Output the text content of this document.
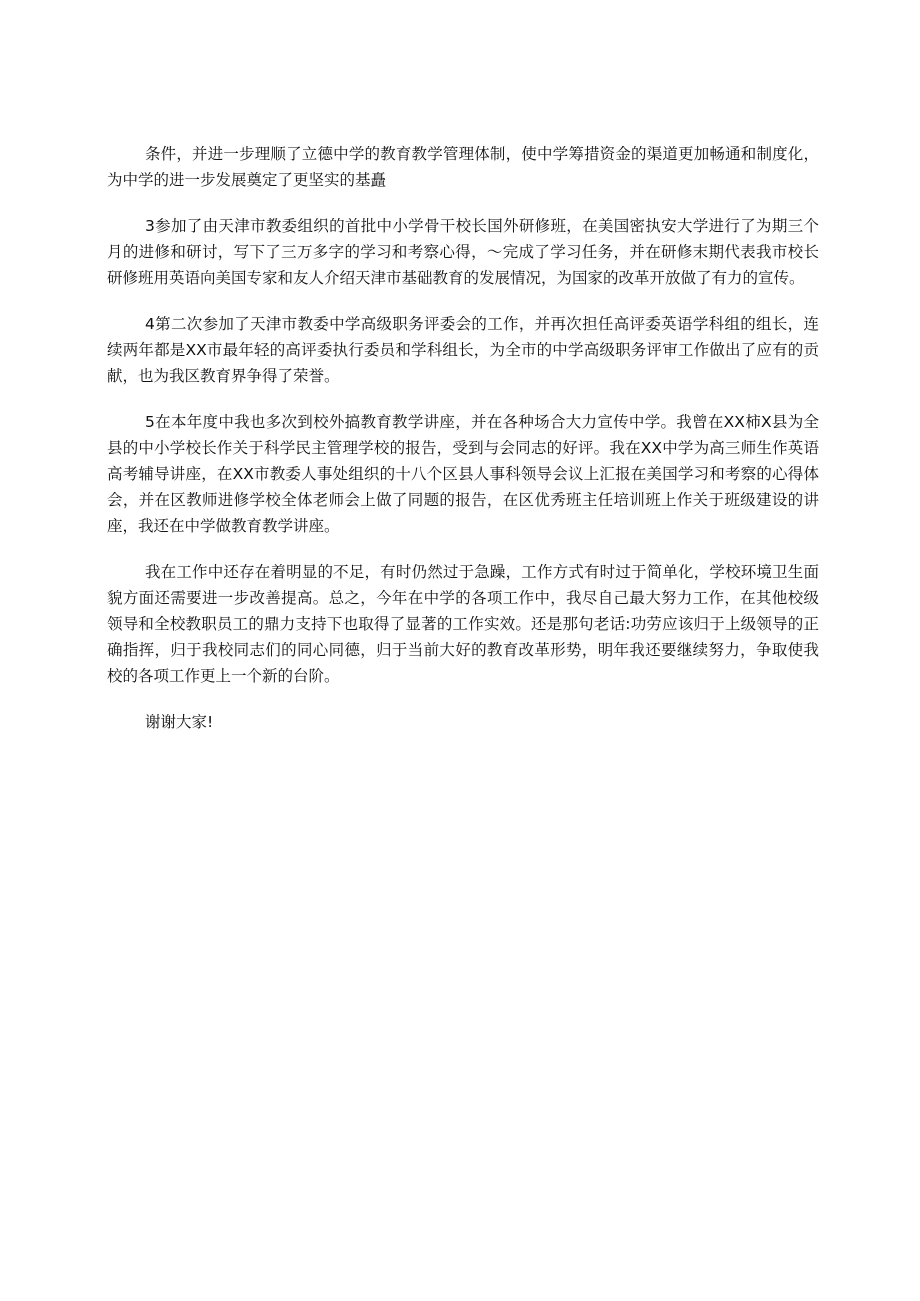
条件，并进一步理顺了立德中学的教育教学管理体制，使中学筹措资金的渠道更加畅通和制度化，为中学的进一步发展奠定了更坚实的基矗

3参加了由天津市教委组织的首批中小学骨干校长国外研修班，在美国密执安大学进行了为期三个月的进修和研讨，写下了三万多字的学习和考察心得，～完成了学习任务，并在研修末期代表我市校长研修班用英语向美国专家和友人介绍天津市基础教育的发展情况，为国家的改革开放做了有力的宣传。

4第二次参加了天津市教委中学高级职务评委会的工作，并再次担任高评委英语学科组的组长，连续两年都是XX市最年轻的高评委执行委员和学科组长，为全市的中学高级职务评审工作做出了应有的贡献，也为我区教育界争得了荣誉。

5在本年度中我也多次到校外搞教育教学讲座，并在各种场合大力宣传中学。我曾在XX柿X县为全县的中小学校长作关于科学民主管理学校的报告，受到与会同志的好评。我在XX中学为高三师生作英语高考辅导讲座，在XX市教委人事处组织的十八个区县人事科领导会议上汇报在美国学习和考察的心得体会，并在区教师进修学校全体老师会上做了同题的报告，在区优秀班主任培训班上作关于班级建设的讲座，我还在中学做教育教学讲座。

我在工作中还存在着明显的不足，有时仍然过于急躁，工作方式有时过于简单化，学校环境卫生面貌方面还需要进一步改善提高。总之，今年在中学的各项工作中，我尽自己最大努力工作，在其他校级领导和全校教职员工的鼎力支持下也取得了显著的工作实效。还是那句老话:功劳应该归于上级领导的正确指挥，归于我校同志们的同心同德，归于当前大好的教育改革形势，明年我还要继续努力，争取使我校的各项工作更上一个新的台阶。

谢谢大家!
